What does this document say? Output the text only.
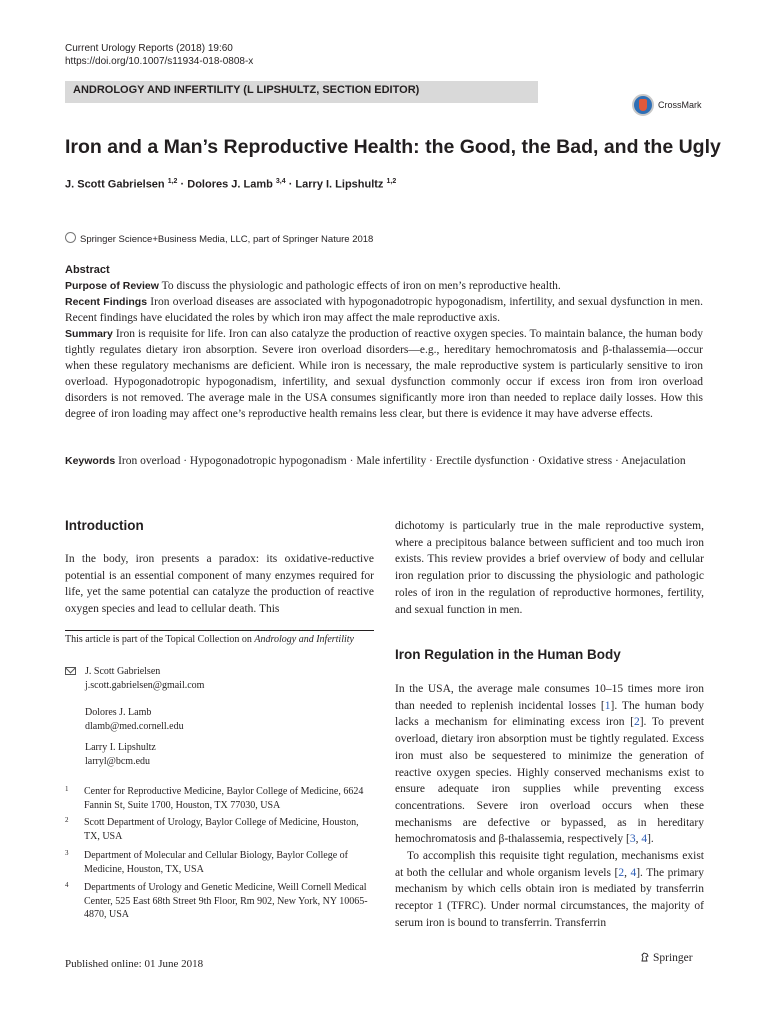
Current Urology Reports (2018) 19:60
https://doi.org/10.1007/s11934-018-0808-x
ANDROLOGY AND INFERTILITY (L LIPSHULTZ, SECTION EDITOR)
CrossMark
Iron and a Man’s Reproductive Health: the Good, the Bad, and the Ugly
J. Scott Gabrielsen $^{1,2}$ · Dolores J. Lamb $^{3,4}$ · Larry I. Lipshultz $^{1,2}$
Springer Science+Business Media, LLC, part of Springer Nature 2018
Abstract

Purpose of Review To discuss the physiologic and pathologic effects of iron on men’s reproductive health.

Recent Findings Iron overload diseases are associated with hypogonadotropic hypogonadism, infertility, and sexual dysfunction in men. Recent findings have elucidated the roles by which iron may affect the male reproductive axis.

Summary Iron is requisite for life. Iron can also catalyze the production of reactive oxygen species. To maintain balance, the human body tightly regulates dietary iron absorption. Severe iron overload disorders—e.g., hereditary hemochromatosis and β-thalassemia—occur when these regulatory mechanisms are deficient. While iron is necessary, the male reproductive system is particularly sensitive to iron overload. Hypogonadotropic hypogonadism, infertility, and sexual dysfunction commonly occur if excess iron from iron overload disorders is not removed. The average male in the USA consumes significantly more iron than needed to replace daily losses. How this degree of iron loading may affect one’s reproductive health remains less clear, but there is evidence it may have adverse effects.

Keywords Iron overload · Hypogonadotropic hypogonadism · Male infertility · Erectile dysfunction · Oxidative stress · Anejaculation
Introduction

In the body, iron presents a paradox: its oxidative-reductive potential is an essential component of many enzymes required for life, yet the same potential can catalyze the production of reactive oxygen species and lead to cellular death. This

This article is part of the Topical Collection on Andrology and Infertility
J. Scott Gabrielsen
j.scott.gabrielsen@gmail.com
Dolores J. Lamb
dlamb@med.cornell.edu
Larry I. Lipshultz
larryl@bcm.edu
1 Center for Reproductive Medicine, Baylor College of Medicine, 6624 Fannin St, Suite 1700, Houston, TX 77030, USA
2 Scott Department of Urology, Baylor College of Medicine, Houston, TX, USA
3 Department of Molecular and Cellular Biology, Baylor College of Medicine, Houston, TX, USA
4 Departments of Urology and Genetic Medicine, Weill Cornell Medical Center, 525 East 68th Street 9th Floor, Rm 902, New York, NY 10065-4870, USA

dichotomy is particularly true in the male reproductive system, where a precipitous balance between sufficient and too much iron exists. This review provides a brief overview of body and cellular iron regulation prior to discussing the physiologic and pathologic roles of iron in the regulation of reproductive hormones, fertility, and sexual function in men.

Iron Regulation in the Human Body

In the USA, the average male consumes 10–15 times more iron than needed to replenish incidental losses [1]. The human body lacks a mechanism for eliminating excess iron [2]. To prevent overload, dietary iron absorption must be tightly regulated. Excess iron must also be sequestered to minimize the generation of reactive oxygen species. Highly conserved mechanisms exist to ensure adequate iron supplies while preventing excess concentrations. Severe iron overload occurs when these mechanisms are defective or bypassed, as in hereditary hemochromatosis and β-thalassemia, respectively [3, 4].

To accomplish this requisite tight regulation, mechanisms exist at both the cellular and whole organism levels [2, 4]. The primary mechanism by which cells obtain iron is mediated by transferrin receptor 1 (TFRC). Under normal circumstances, the majority of serum iron is bound to transferrin. Transferrin

Published online: 01 June 2018	Springer
